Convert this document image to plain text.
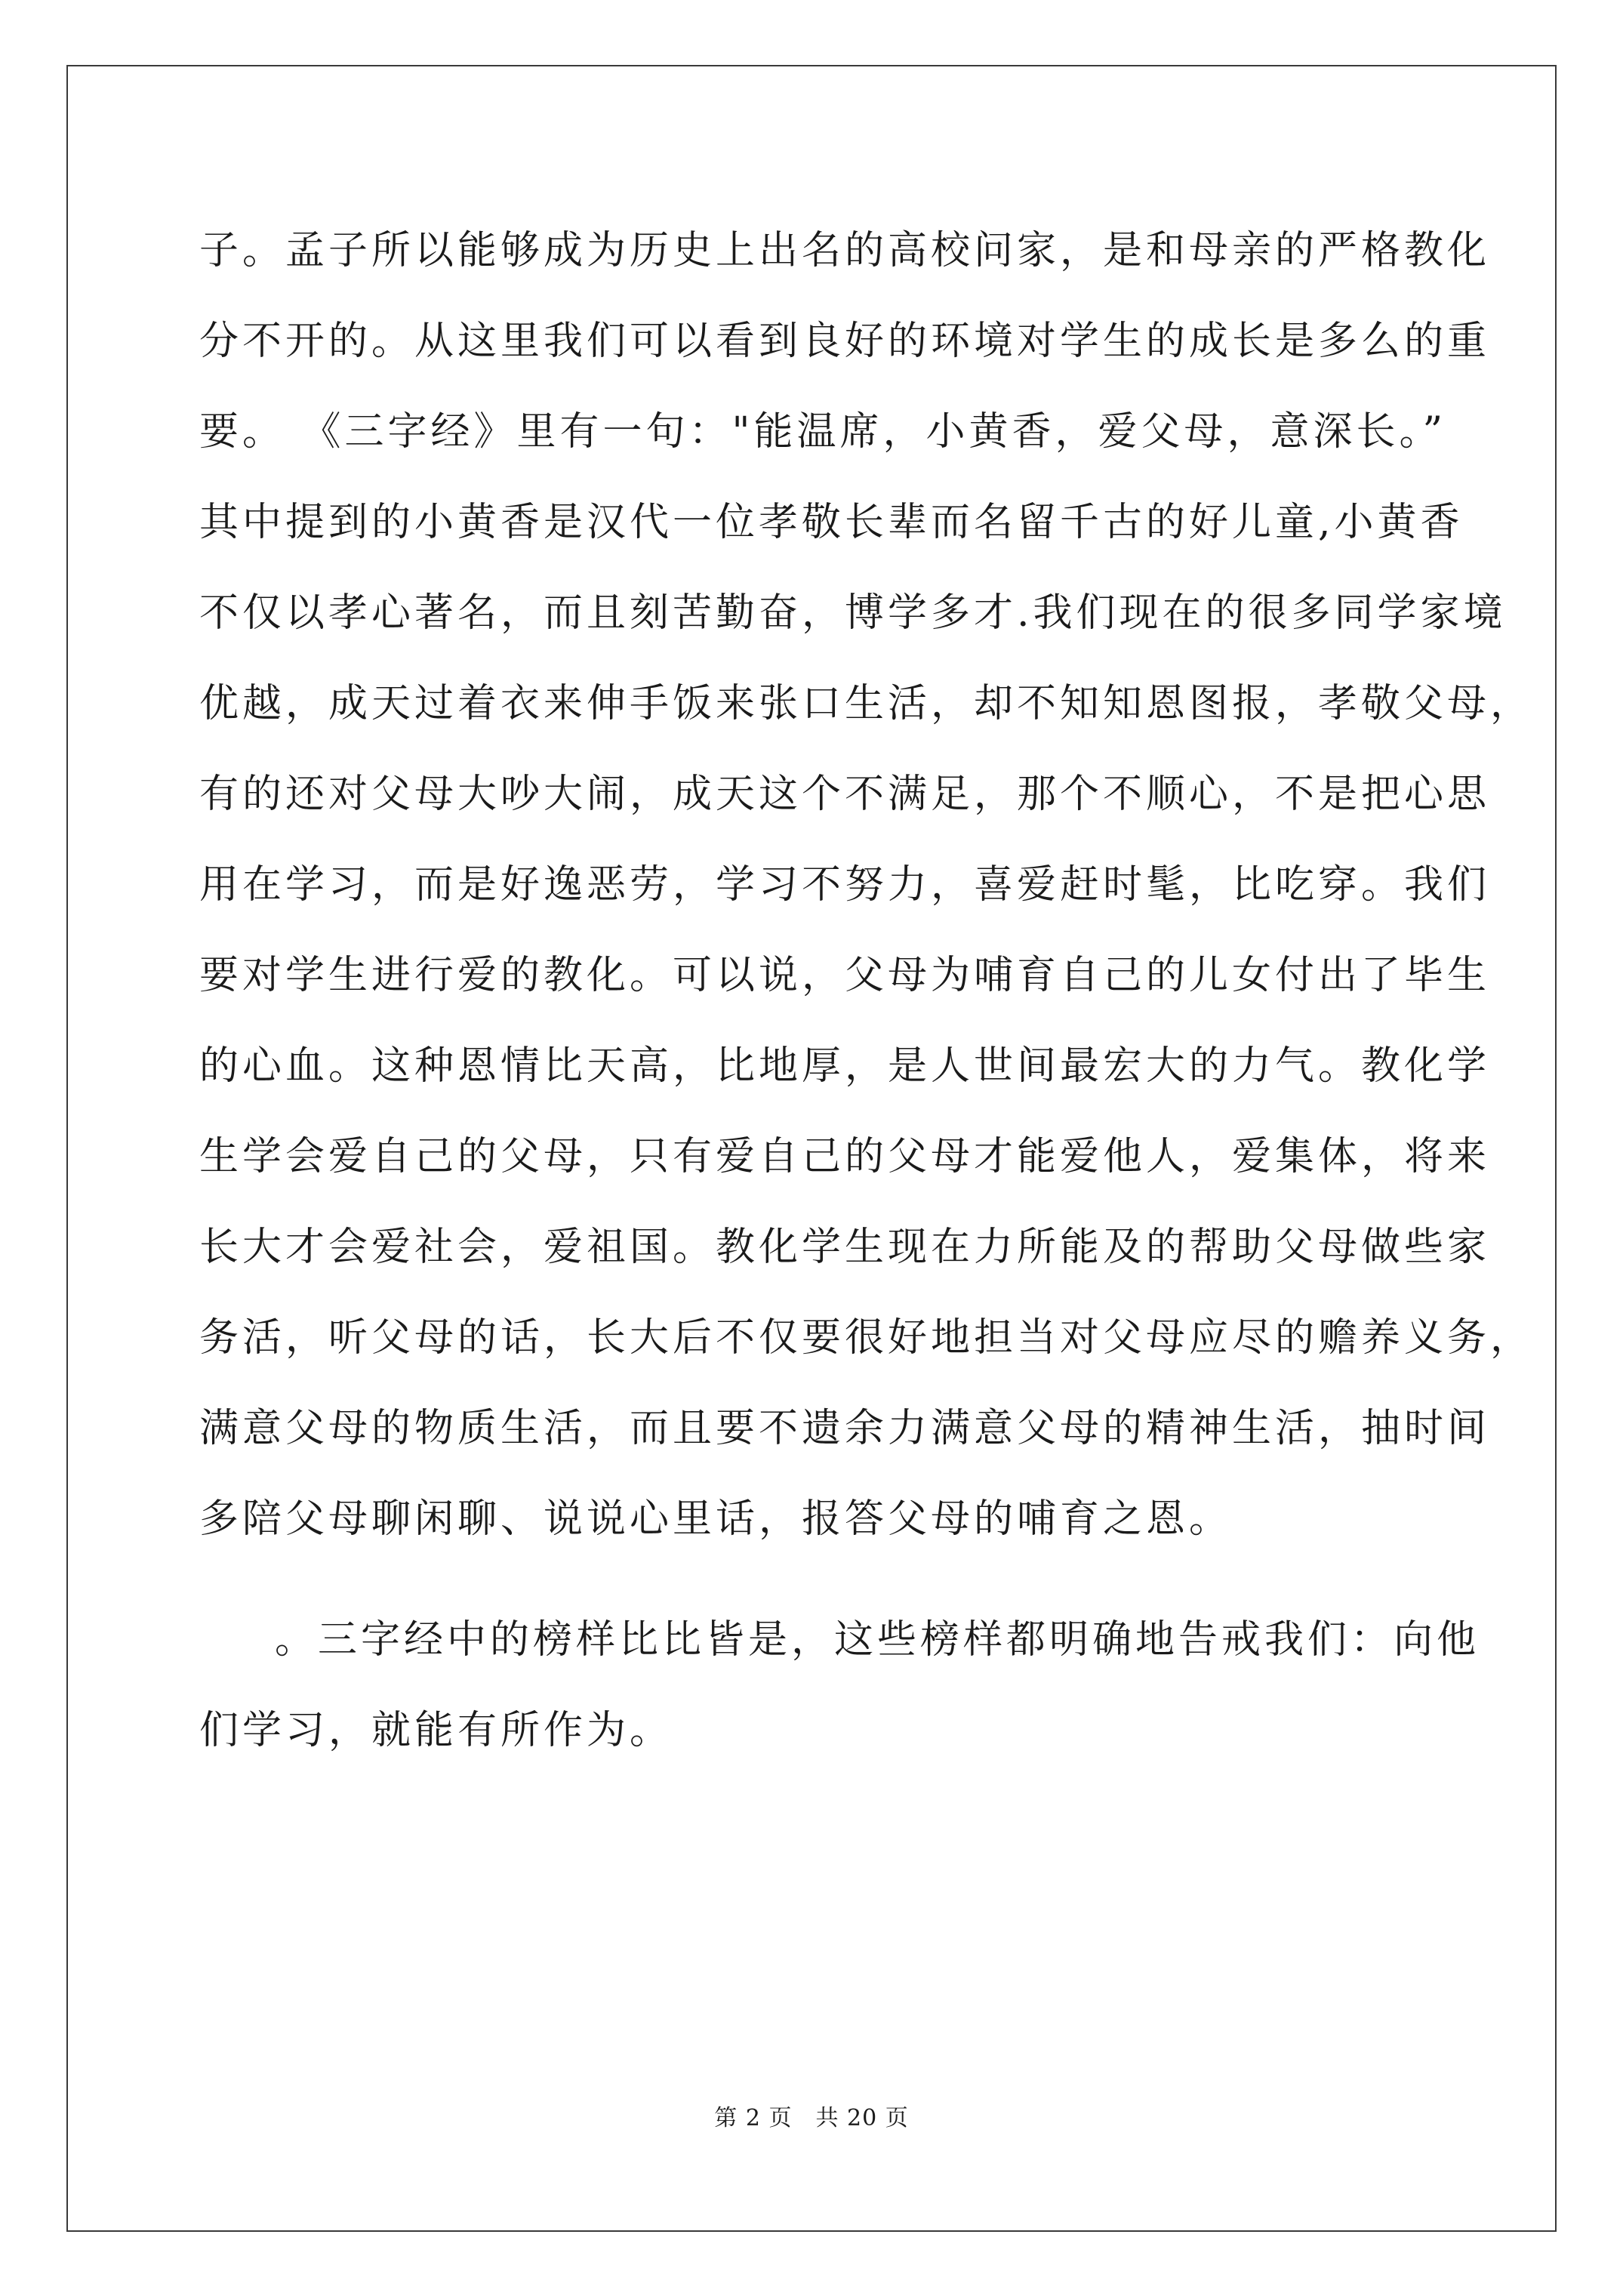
子。孟子所以能够成为历史上出名的高校问家，是和母亲的严格教化
分不开的。从这里我们可以看到良好的环境对学生的成长是多么的重
要。 《三字经》里有一句："能温席，小黄香，爱父母，意深长。”
其中提到的小黄香是汉代一位孝敬长辈而名留千古的好儿童,小黄香
不仅以孝心著名，而且刻苦勤奋，博学多才.我们现在的很多同学家境
优越，成天过着衣来伸手饭来张口生活，却不知知恩图报，孝敬父母，
有的还对父母大吵大闹，成天这个不满足，那个不顺心，不是把心思
用在学习，而是好逸恶劳，学习不努力，喜爱赶时髦，比吃穿。我们
要对学生进行爱的教化。可以说，父母为哺育自己的儿女付出了毕生
的心血。这种恩情比天高，比地厚，是人世间最宏大的力气。教化学
生学会爱自己的父母，只有爱自己的父母才能爱他人，爱集体，将来
长大才会爱社会，爱祖国。教化学生现在力所能及的帮助父母做些家
务活，听父母的话，长大后不仅要很好地担当对父母应尽的赡养义务，
满意父母的物质生活，而且要不遗余力满意父母的精神生活，抽时间
多陪父母聊闲聊、说说心里话，报答父母的哺育之恩。
。三字经中的榜样比比皆是，这些榜样都明确地告戒我们：向他
们学习，就能有所作为。
第 2 页　共 20 页
